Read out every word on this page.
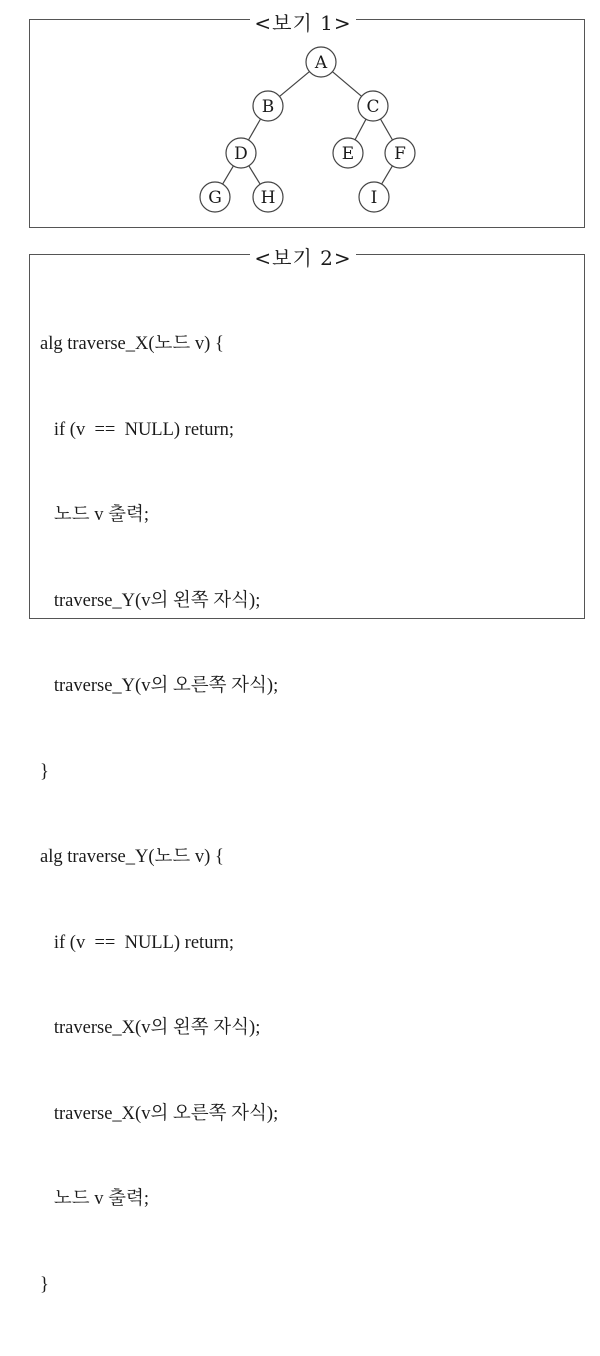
<보기 1>
A
B	C
D	E F
G H	I
<보기 2>

alg traverse_X(노드 v) {

if (v  ==  NULL) return;

노드 v 출력;

traverse_Y(v의 왼쪽 자식);

traverse_Y(v의 오른쪽 자식);

}

alg traverse_Y(노드 v) {

if (v  ==  NULL) return;

traverse_X(v의 왼쪽 자식);

traverse_X(v의 오른쪽 자식);

노드 v 출력;

}
